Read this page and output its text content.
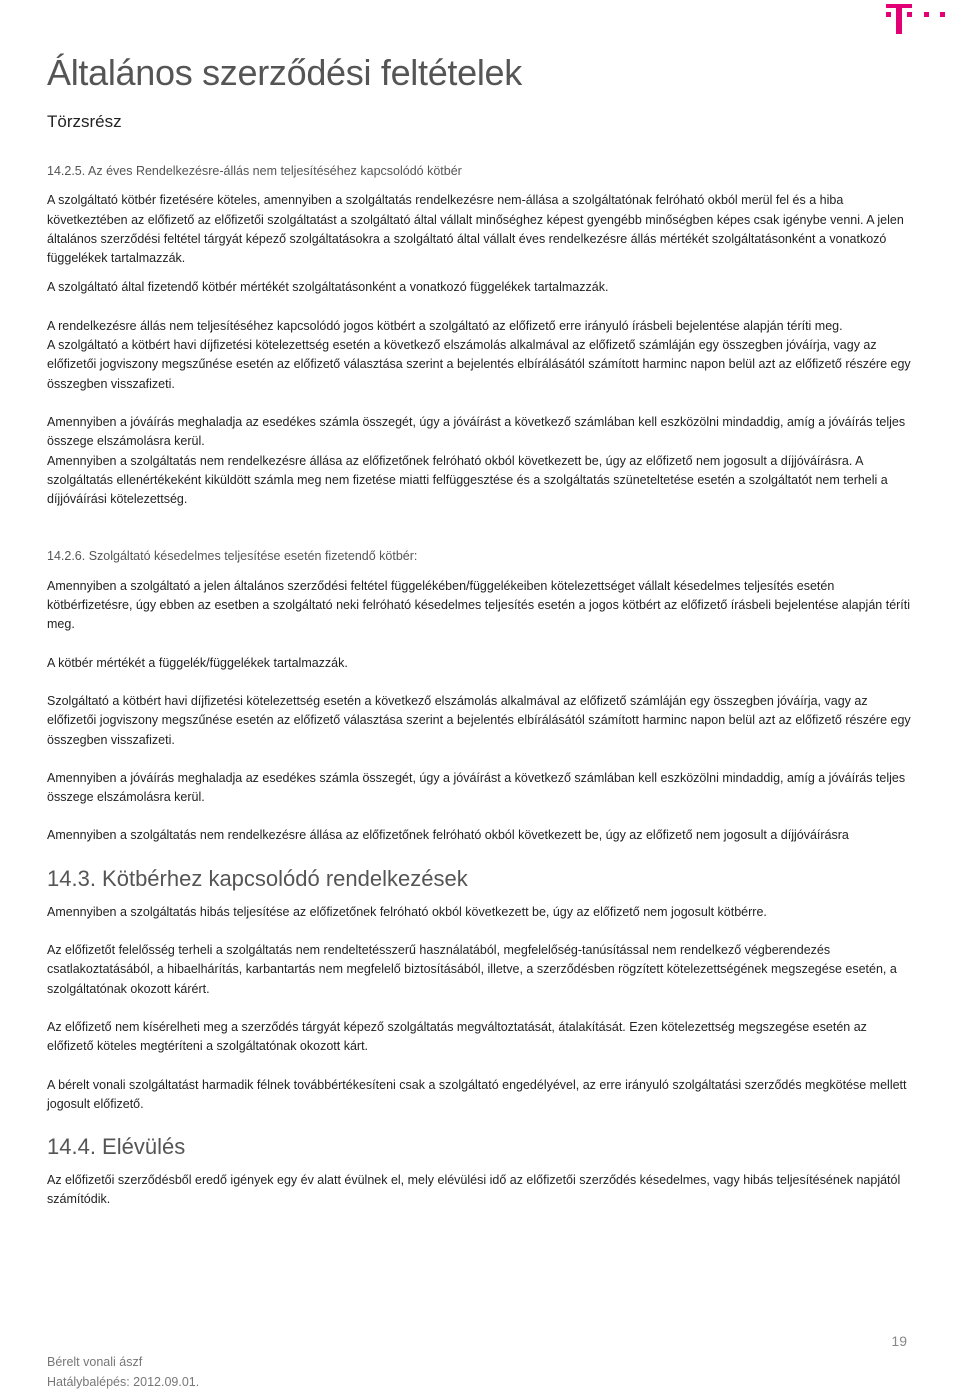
Általános szerződési feltételek
Törzsrész

14.2.5. Az éves Rendelkezésre-állás nem teljesítéséhez kapcsolódó kötbér

A szolgáltató kötbér fizetésére köteles, amennyiben a szolgáltatás rendelkezésre nem-állása a szolgáltatónak felróható okból merül fel és a hiba következtében az előfizető az előfizetői szolgáltatást a szolgáltató által vállalt minőséghez képest gyengébb minőségben képes csak igénybe venni. A jelen általános szerződési feltétel tárgyát képező szolgáltatásokra a szolgáltató által vállalt éves rendelkezésre állás mértékét szolgáltatásonként a vonatkozó függelékek tartalmazzák.

A szolgáltató által fizetendő kötbér mértékét szolgáltatásonként a vonatkozó függelékek tartalmazzák.

A rendelkezésre állás nem teljesítéséhez kapcsolódó jogos kötbért a szolgáltató az előfizető erre irányuló írásbeli bejelentése alapján téríti meg.

A szolgáltató a kötbért havi díjfizetési kötelezettség esetén a következő elszámolás alkalmával az előfizető számláján egy összegben jóváírja, vagy az előfizetői jogviszony megszűnése esetén az előfizető választása szerint a bejelentés elbírálásától számított harminc napon belül azt az előfizető részére egy összegben visszafizeti.

Amennyiben a jóváírás meghaladja az esedékes számla összegét, úgy a jóváírást a következő számlában kell eszközölni mindaddig, amíg a jóváírás teljes összege elszámolásra kerül.

Amennyiben a szolgáltatás nem rendelkezésre állása az előfizetőnek felróható okból következett be, úgy az előfizető nem jogosult a díjjóváírásra. A szolgáltatás ellenértékeként kiküldött számla meg nem fizetése miatti felfüggesztése és a szolgáltatás szüneteltetése esetén a szolgáltatót nem terheli a díjjóváírási kötelezettség.

14.2.6. Szolgáltató késedelmes teljesítése esetén fizetendő kötbér:

Amennyiben a szolgáltató a jelen általános szerződési feltétel függelékében/függelékeiben kötelezettséget vállalt késedelmes teljesítés esetén kötbérfizetésre, úgy ebben az esetben a szolgáltató neki felróható késedelmes teljesítés esetén a jogos kötbért az előfizető írásbeli bejelentése alapján téríti meg.

A kötbér mértékét a függelék/függelékek tartalmazzák.

Szolgáltató a kötbért havi díjfizetési kötelezettség esetén a következő elszámolás alkalmával az előfizető számláján egy összegben jóváírja, vagy az előfizetői jogviszony megszűnése esetén az előfizető választása szerint a bejelentés elbírálásától számított harminc napon belül azt az előfizető részére egy összegben visszafizeti.

Amennyiben a jóváírás meghaladja az esedékes számla összegét, úgy a jóváírást a következő számlában kell eszközölni mindaddig, amíg a jóváírás teljes összege elszámolásra kerül.

Amennyiben a szolgáltatás nem rendelkezésre állása az előfizetőnek felróható okból következett be, úgy az előfizető nem jogosult a díjjóváírásra

14.3. Kötbérhez kapcsolódó rendelkezések

Amennyiben a szolgáltatás hibás teljesítése az előfizetőnek felróható okból következett be, úgy az előfizető nem jogosult kötbérre.

Az előfizetőt felelősség terheli a szolgáltatás nem rendeltetésszerű használatából, megfelelőség-tanúsítással nem rendelkező végberendezés csatlakoztatásából, a hibaelhárítás, karbantartás nem megfelelő biztosításából, illetve, a szerződésben rögzített kötelezettségének megszegése esetén, a szolgáltatónak okozott kárért.

Az előfizető nem kísérelheti meg a szerződés tárgyát képező szolgáltatás megváltoztatását, átalakítását. Ezen kötelezettség megszegése esetén az előfizető köteles megtéríteni a szolgáltatónak okozott kárt.

A bérelt vonali szolgáltatást harmadik félnek továbbértékesíteni csak a szolgáltató engedélyével, az erre irányuló szolgáltatási szerződés megkötése mellett jogosult előfizető.

14.4. Elévülés

Az előfizetői szerződésből eredő igények egy év alatt évülnek el, mely elévülési idő az előfizetői szerződés késedelmes, vagy hibás teljesítésének napjától számítódik.

Bérelt vonali ászf
Hatálybalépés: 2012.09.01.
19
